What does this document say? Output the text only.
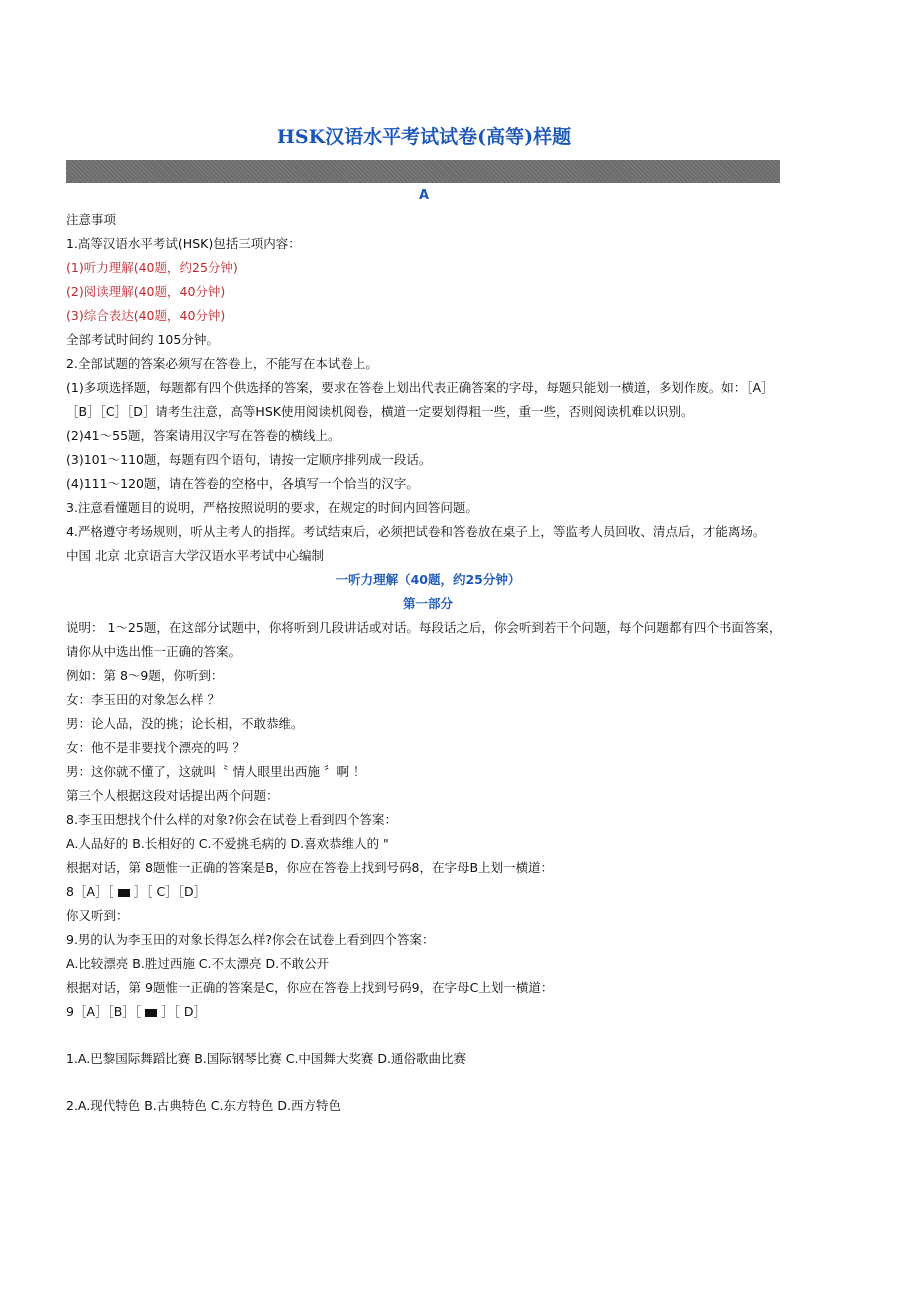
HSK汉语水平考试试卷(高等)样题
A

注意事项

1.高等汉语水平考试(HSK)包括三项内容：

(1)听力理解(40题，约25分钟)

(2)阅读理解(40题，40分钟)

(3)综合表达(40题，40分钟)

全部考试时间约 105分钟。

2.全部试题的答案必须写在答卷上，不能写在本试卷上。

(1)多项选择题，每题都有四个供选择的答案，要求在答卷上划出代表正确答案的字母，每题只能划一横道，多划作废。如：［A］［B］［C］［D］请考生注意，高等HSK使用阅读机阅卷，横道一定要划得粗一些，重一些，否则阅读机难以识别。

(2)41～55题，答案请用汉字写在答卷的横线上。

(3)101～110题，每题有四个语句，请按一定顺序排列成一段话。

(4)111～120题，请在答卷的空格中，各填写一个恰当的汉字。

3.注意看懂题目的说明，严格按照说明的要求，在规定的时间内回答问题。

4.严格遵守考场规则，听从主考人的指挥。考试结束后，必须把试卷和答卷放在桌子上，等监考人员回收、清点后，才能离场。

中国 北京 北京语言大学汉语水平考试中心编制

一听力理解（40题，约25分钟）

第一部分

说明： 1～25题，在这部分试题中，你将听到几段讲话或对话。每段话之后，你会听到若干个问题，每个问题都有四个书面答案，请你从中选出惟一正确的答案。

例如：第 8～9题，你听到：

女：李玉田的对象怎么样 ？

男：论人品，没的挑；论长相，不敢恭维。

女：他不是非要找个漂亮的吗 ？

男：这你就不懂了，这就叫〝 情人眼里出西施 〞啊 ！

第三个人根据这段对话提出两个问题：

8.李玉田想找个什么样的对象?你会在试卷上看到四个答案：

A.人品好的 B.长相好的 C.不爱挑毛病的 D.喜欢恭维人的 "

根据对话，第 8题惟一正确的答案是B，你应在答卷上找到号码8，在字母B上划一横道：

8［A］［ ］［ C］［D］

你又听到：

9.男的认为李玉田的对象长得怎么样?你会在试卷上看到四个答案：

A.比较漂亮 B.胜过西施 C.不太漂亮 D.不敢公开

根据对话，第 9题惟一正确的答案是C，你应在答卷上找到号码9，在字母C上划一横道：

9［A］［B］［ ］［ D］

1.A.巴黎国际舞蹈比赛 B.国际钢琴比赛 C.中国舞大奖赛 D.通俗歌曲比赛

2.A.现代特色 B.古典特色 C.东方特色 D.西方特色
